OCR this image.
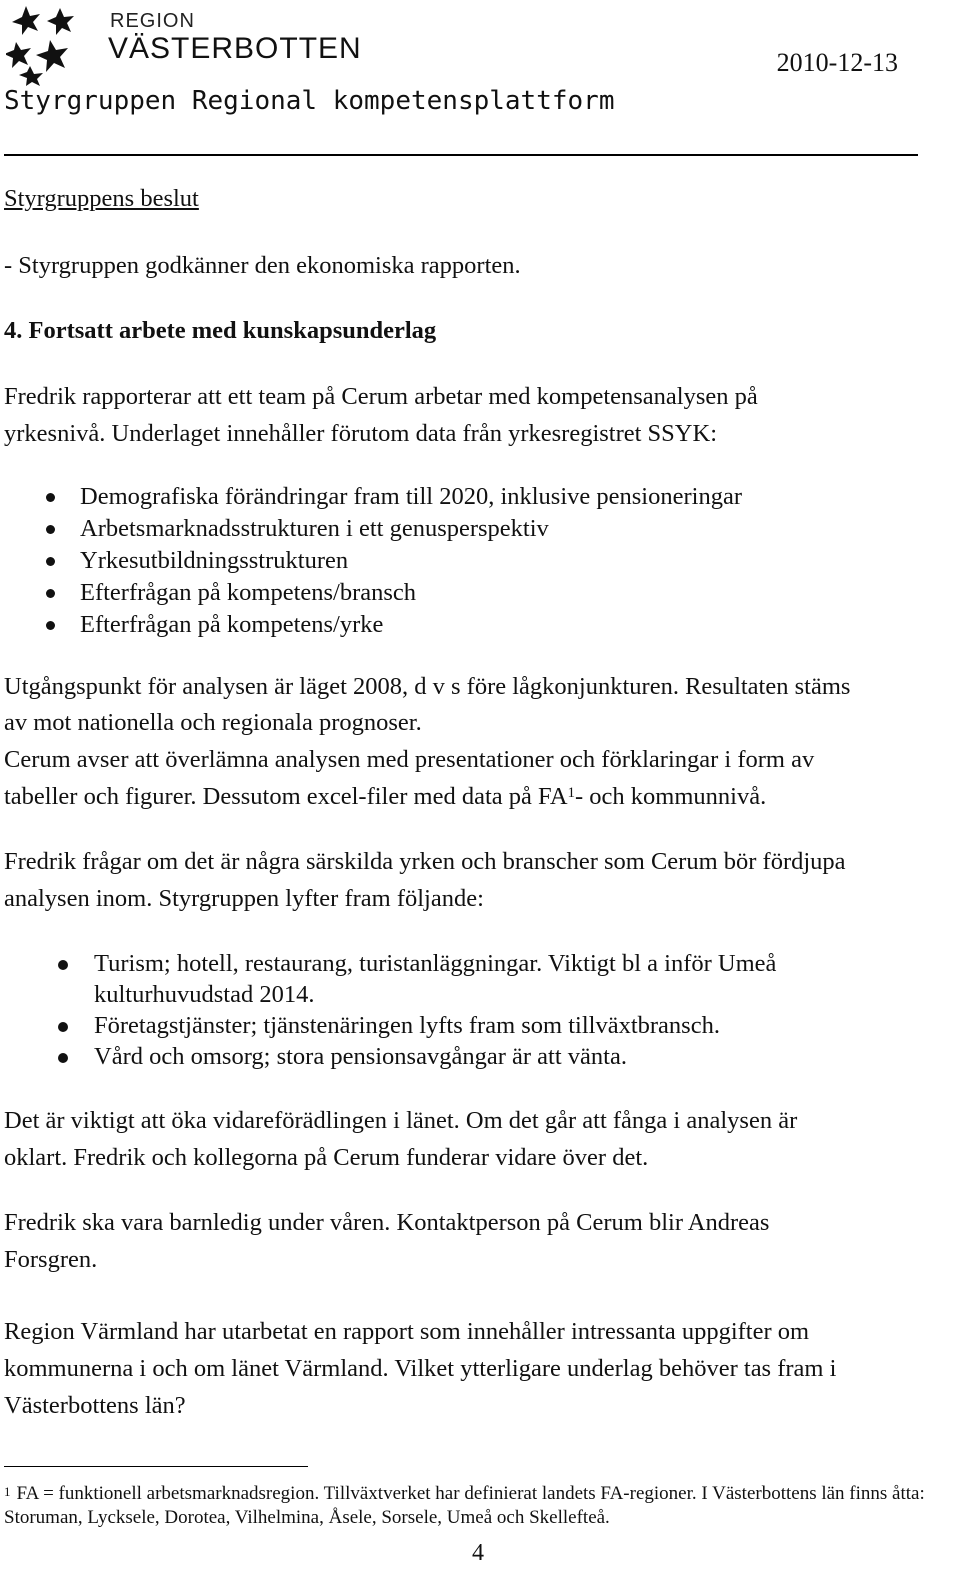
REGION
VÄSTERBOTTEN	2010-12-13
Styrgruppen Regional kompetensplattform
Styrgruppens beslut
- Styrgruppen godkänner den ekonomiska rapporten.
4. Fortsatt arbete med kunskapsunderlag
Fredrik rapporterar att ett team på Cerum arbetar med kompetensanalysen på
yrkesnivå. Underlaget innehåller förutom data från yrkesregistret SSYK:
Demografiska förändringar fram till 2020, inklusive pensioneringar
Arbetsmarknadsstrukturen i ett genusperspektiv
Yrkesutbildningsstrukturen
Efterfrågan på kompetens/bransch
Efterfrågan på kompetens/yrke
Utgångspunkt för analysen är läget 2008, d v s före lågkonjunkturen. Resultaten stäms
av mot nationella och regionala prognoser.
Cerum avser att överlämna analysen med presentationer och förklaringar i form av
tabeller och figurer. Dessutom excel-filer med data på $FA^1-$ och kommunnivå.
Fredrik frågar om det är några särskilda yrken och branscher som Cerum bör fördjupa
analysen inom. Styrgruppen lyfter fram följande:
Turism; hotell, restaurang, turistanläggningar. Viktigt bl a inför Umeå kulturhuvudstad 2014.
Företagstjänster; tjänstenäringen lyfts fram som tillväxtbransch.
Vård och omsorg; stora pensionsavgångar är att vänta.
Det är viktigt att öka vidareförädlingen i länet. Om det går att fånga i analysen är
oklart. Fredrik och kollegorna på Cerum funderar vidare över det.
Fredrik ska vara barnledig under våren. Kontaktperson på Cerum blir Andreas
Forsgren.
Region Värmland har utarbetat en rapport som innehåller intressanta uppgifter om
kommunerna i och om länet Värmland. Vilket ytterligare underlag behöver tas fram i
Västerbottens län?
$^1$ FA = funktionell arbetsmarknadsregion. Tillväxtverket har definierat landets FA-regioner. I Västerbottens län finns åtta: Storuman, Lycksele, Dorotea, Vilhelmina, Åsele, Sorsele, Umeå och Skellefteå.
4
